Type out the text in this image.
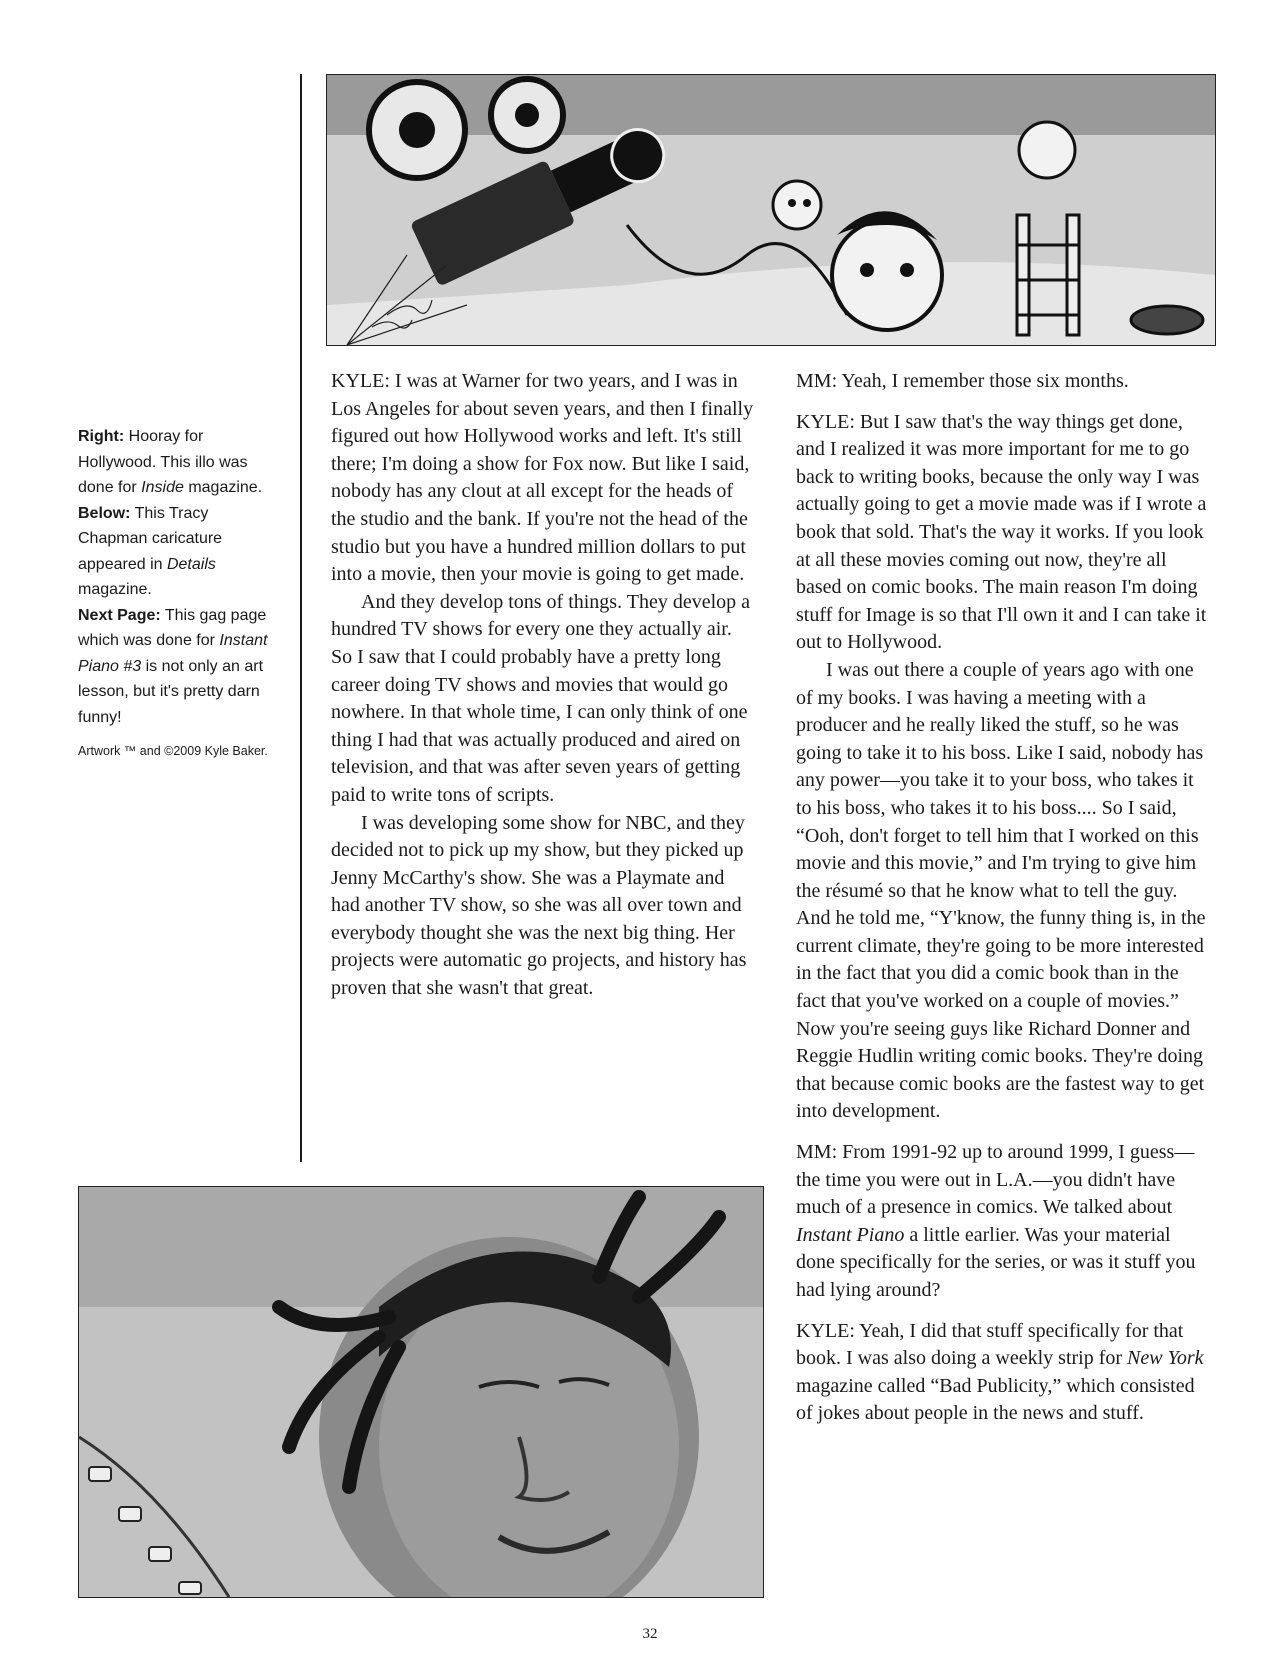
Right: Hooray for Hollywood. This illo was done for Inside magazine.

Below: This Tracy Chapman caricature appeared in Details magazine.

Next Page: This gag page which was done for Instant Piano #3 is not only an art lesson, but it's pretty darn funny!

Artwork ™ and ©2009 Kyle Baker.

KYLE: I was at Warner for two years, and I was in Los Angeles for about seven years, and then I finally figured out how Hollywood works and left. It's still there; I'm doing a show for Fox now. But like I said, nobody has any clout at all except for the heads of the studio and the bank. If you're not the head of the studio but you have a hundred million dollars to put into a movie, then your movie is going to get made.

And they develop tons of things. They develop a hundred TV shows for every one they actually air. So I saw that I could probably have a pretty long career doing TV shows and movies that would go nowhere. In that whole time, I can only think of one thing I had that was actually produced and aired on television, and that was after seven years of getting paid to write tons of scripts.

I was developing some show for NBC, and they decided not to pick up my show, but they picked up Jenny McCarthy's show. She was a Playmate and had another TV show, so she was all over town and everybody thought she was the next big thing. Her projects were automatic go projects, and history has proven that she wasn't that great.

MM: Yeah, I remember those six months.

KYLE: But I saw that's the way things get done, and I realized it was more important for me to go back to writing books, because the only way I was actually going to get a movie made was if I wrote a book that sold. That's the way it works. If you look at all these movies coming out now, they're all based on comic books. The main reason I'm doing stuff for Image is so that I'll own it and I can take it out to Hollywood.

I was out there a couple of years ago with one of my books. I was having a meeting with a producer and he really liked the stuff, so he was going to take it to his boss. Like I said, nobody has any power—you take it to your boss, who takes it to his boss, who takes it to his boss.... So I said, “Ooh, don't forget to tell him that I worked on this movie and this movie,” and I'm trying to give him the résumé so that he know what to tell the guy. And he told me, “Y'know, the funny thing is, in the current climate, they're going to be more interested in the fact that you did a comic book than in the fact that you've worked on a couple of movies.” Now you're seeing guys like Richard Donner and Reggie Hudlin writing comic books. They're doing that because comic books are the fastest way to get into development.

MM: From 1991-92 up to around 1999, I guess—the time you were out in L.A.—you didn't have much of a presence in comics. We talked about Instant Piano a little earlier. Was your material done specifically for the series, or was it stuff you had lying around?

KYLE: Yeah, I did that stuff specifically for that book. I was also doing a weekly strip for New York magazine called “Bad Publicity,” which consisted of jokes about people in the news and stuff.

32
